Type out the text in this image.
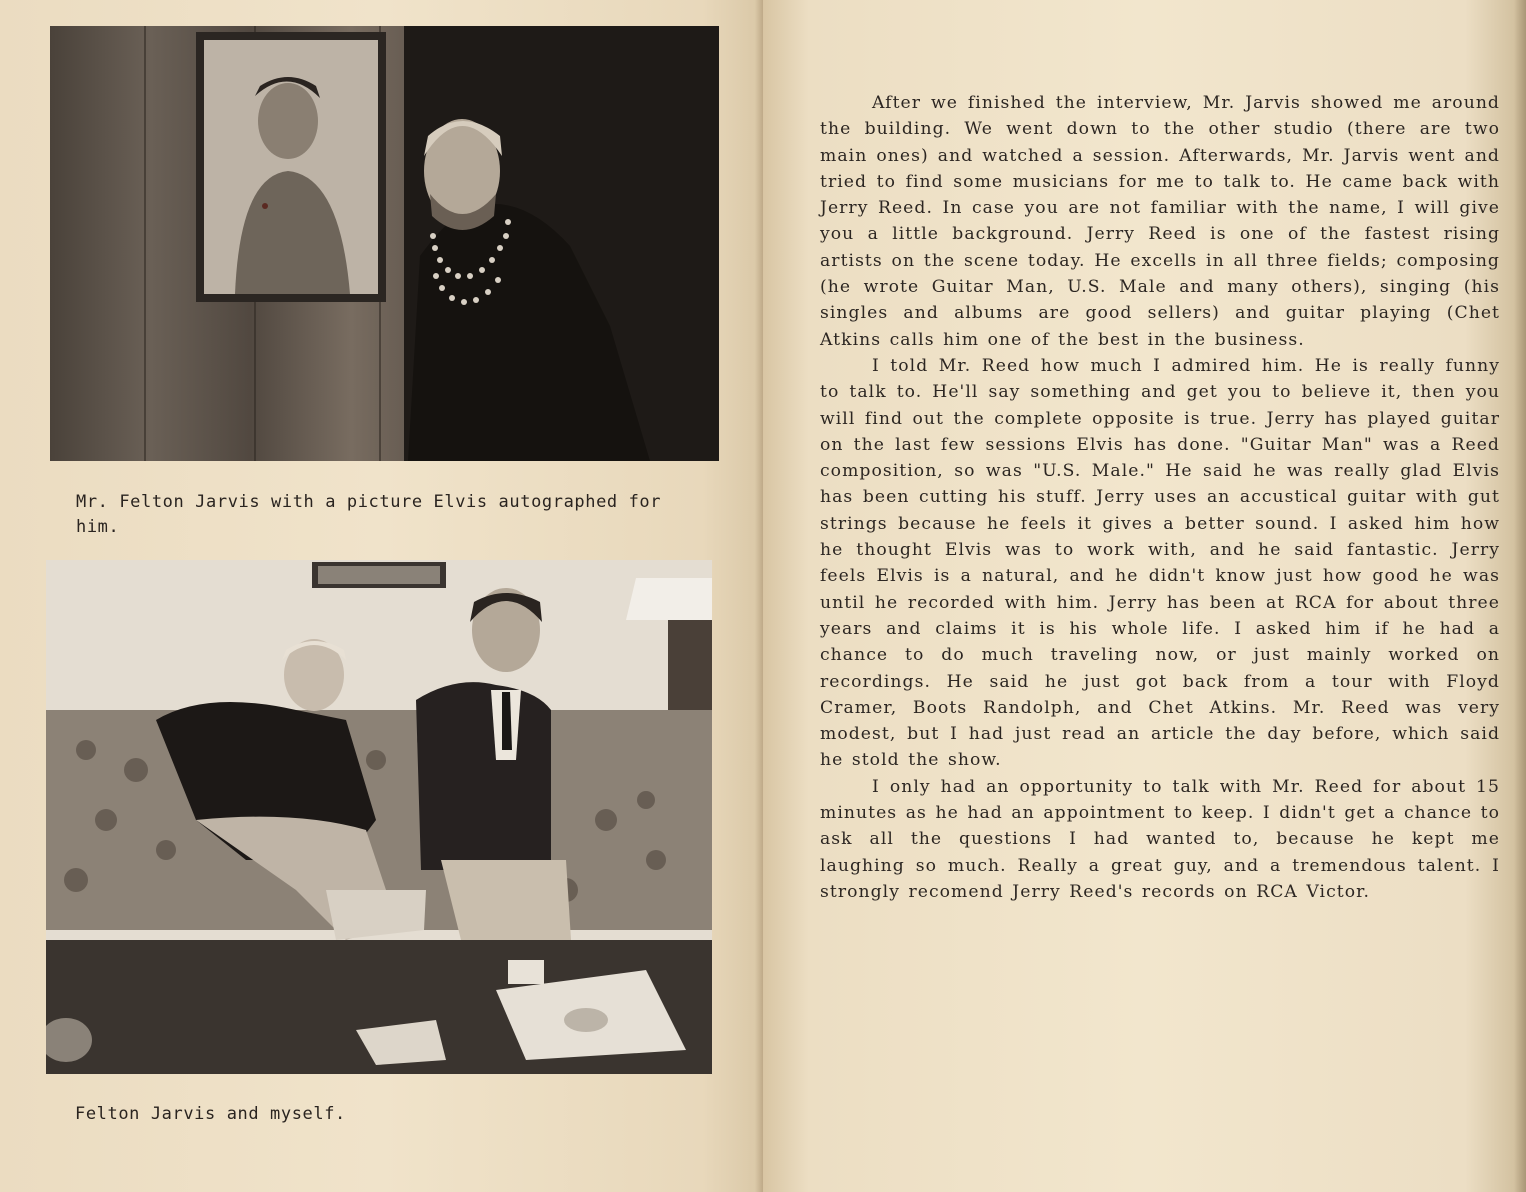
Mr. Felton Jarvis with a picture Elvis autographed for him.
Felton Jarvis and myself.

After we finished the interview, Mr. Jarvis showed me around the building. We went down to the other studio (there are two main ones) and watched a session. Afterwards, Mr. Jarvis went and tried to find some musicians for me to talk to. He came back with Jerry Reed. In case you are not familiar with the name, I will give you a little background. Jerry Reed is one of the fastest rising artists on the scene today. He excells in all three fields; composing (he wrote Guitar Man, U.S. Male and many others), singing (his singles and albums are good sellers) and guitar playing (Chet Atkins calls him one of the best in the business.

I told Mr. Reed how much I admired him. He is really funny to talk to. He'll say something and get you to believe it, then you will find out the complete opposite is true. Jerry has played guitar on the last few sessions Elvis has done. "Guitar Man" was a Reed composition, so was "U.S. Male." He said he was really glad Elvis has been cutting his stuff. Jerry uses an accustical guitar with gut strings because he feels it gives a better sound. I asked him how he thought Elvis was to work with, and he said fantastic. Jerry feels Elvis is a natural, and he didn't know just how good he was until he recorded with him. Jerry has been at RCA for about three years and claims it is his whole life. I asked him if he had a chance to do much traveling now, or just mainly worked on recordings. He said he just got back from a tour with Floyd Cramer, Boots Randolph, and Chet Atkins. Mr. Reed was very modest, but I had just read an article the day before, which said he stold the show.

I only had an opportunity to talk with Mr. Reed for about 15 minutes as he had an appointment to keep. I didn't get a chance to ask all the questions I had wanted to, because he kept me laughing so much. Really a great guy, and a tremendous talent. I strongly recomend Jerry Reed's records on RCA Victor.
